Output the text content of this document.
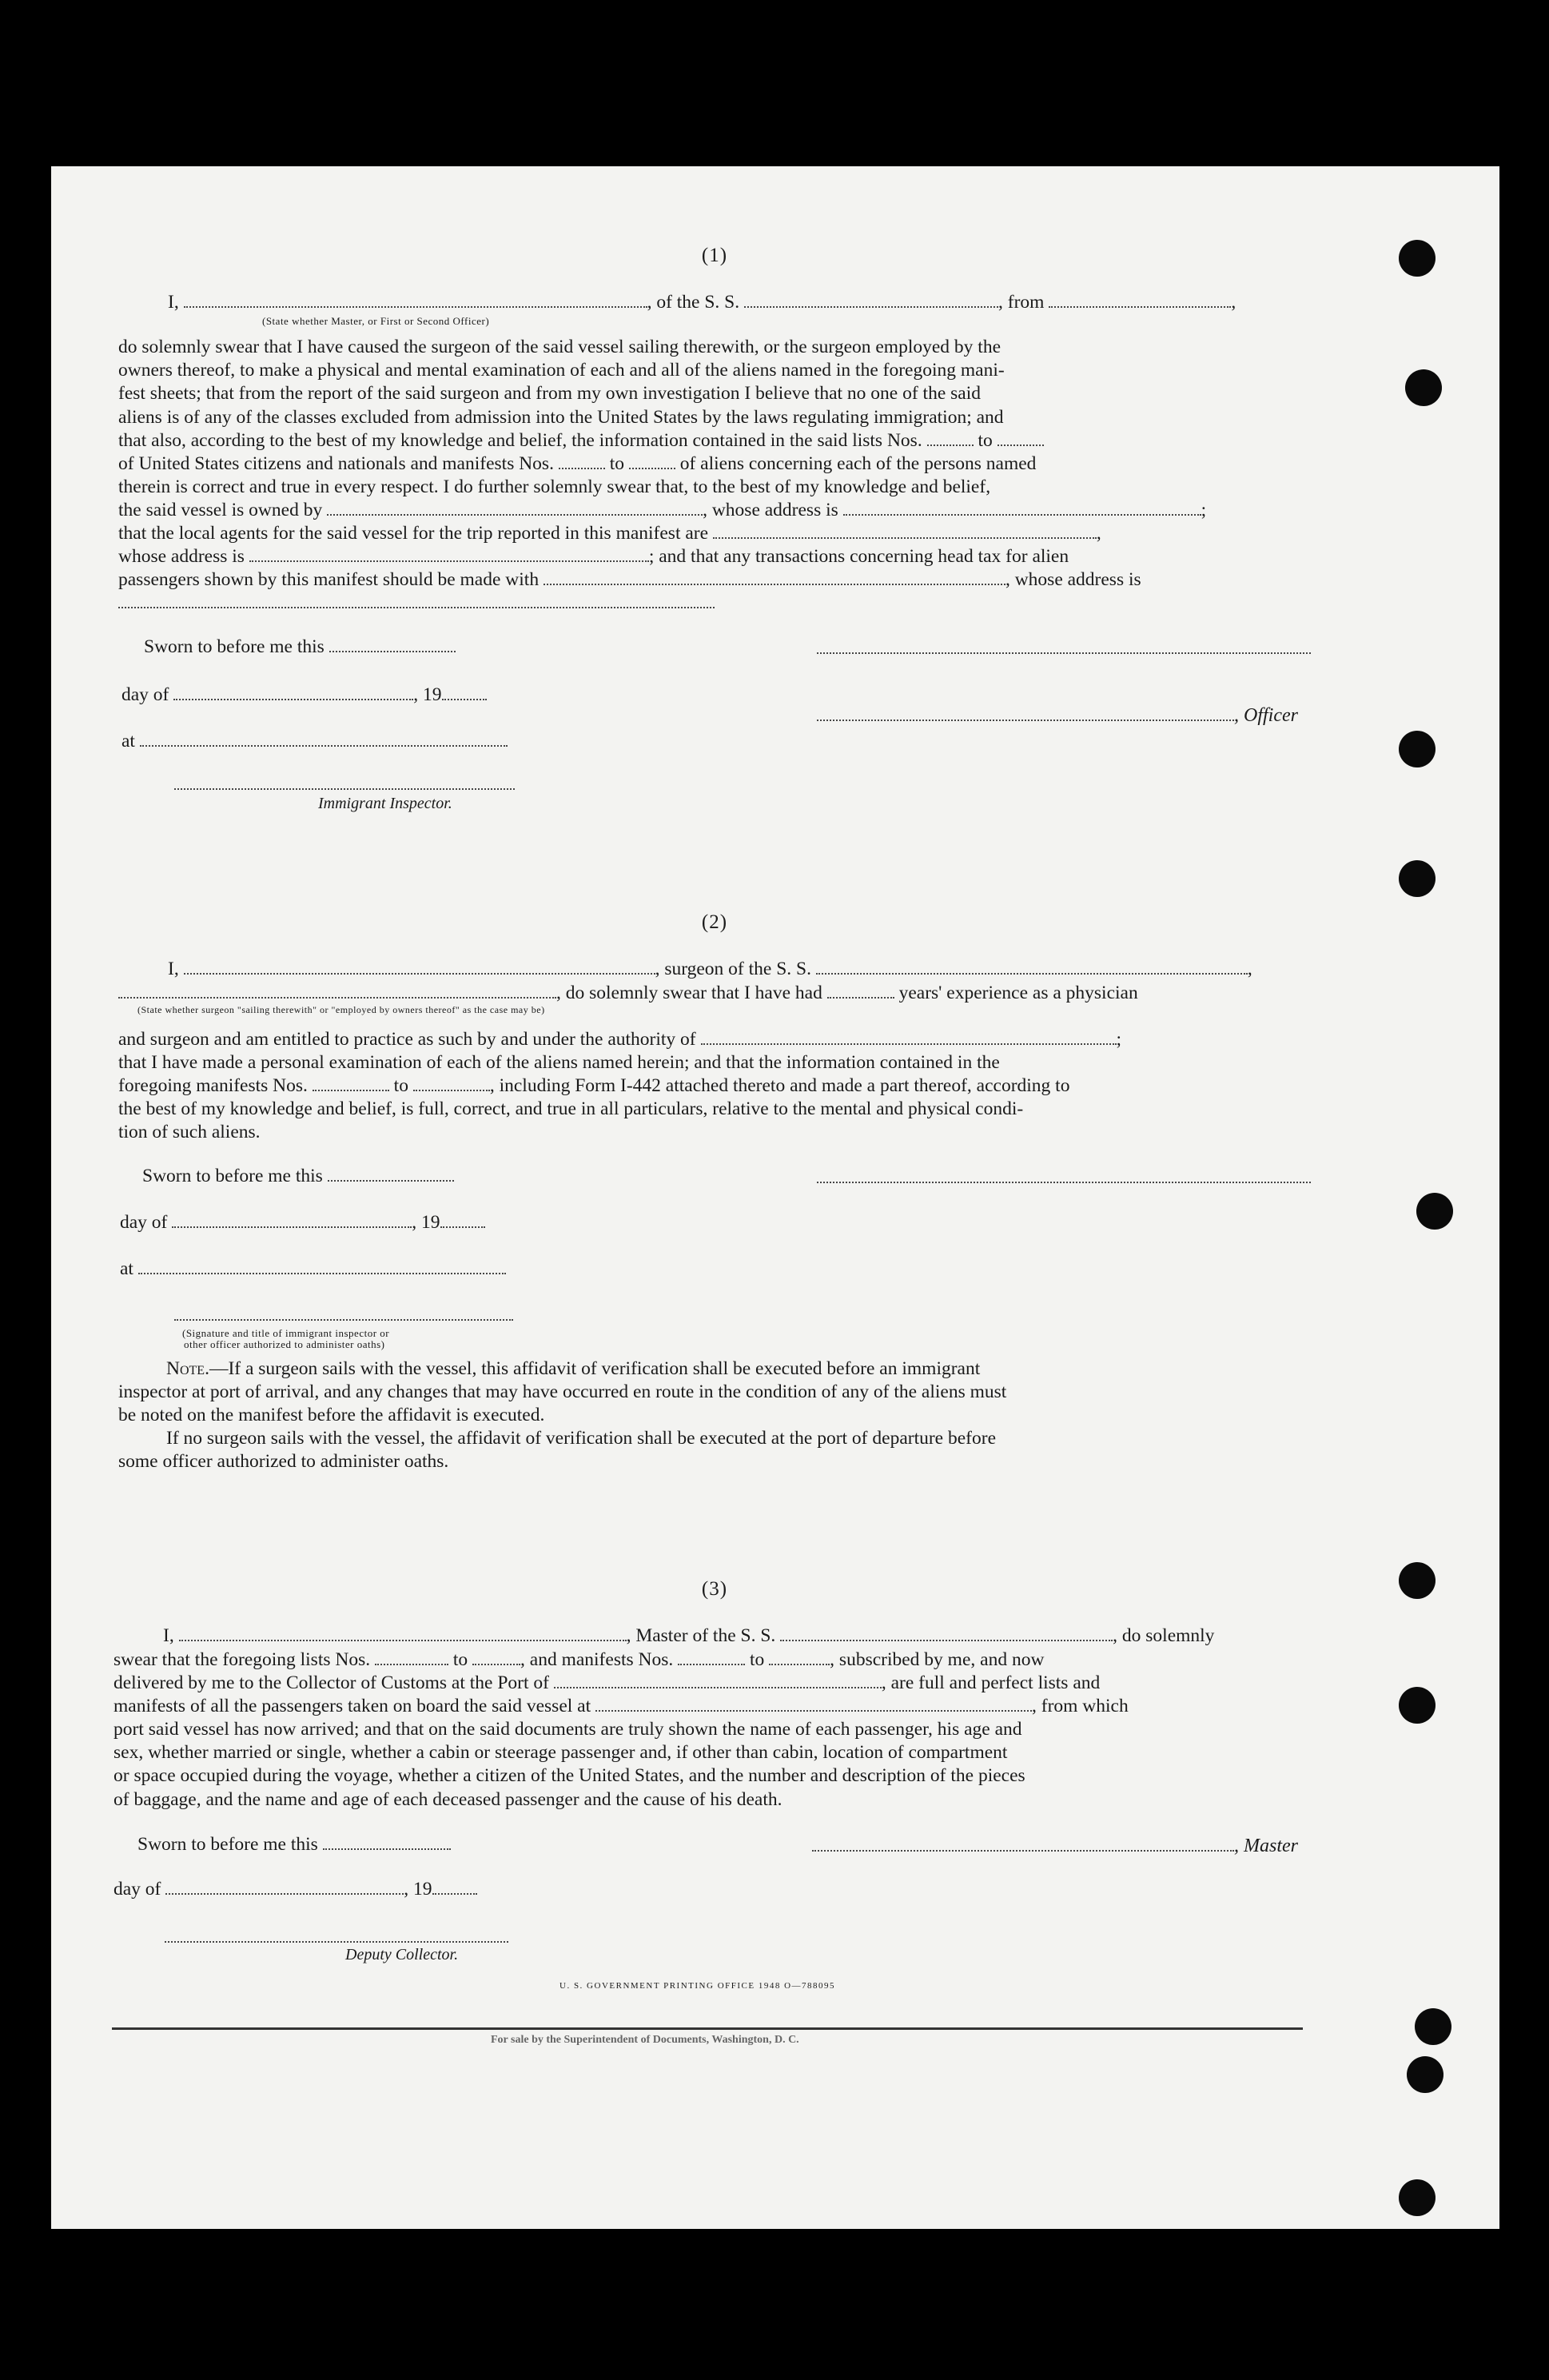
(1)
I,	, of the S. S.	, from	,
(State whether Master, or First or Second Officer)
do solemnly swear that I have caused the surgeon of the said vessel sailing therewith, or the surgeon employed by the
owners thereof, to make a physical and mental examination of each and all of the aliens named in the foregoing mani-
fest sheets; that from the report of the said surgeon and from my own investigation I believe that no one of the said
aliens is of any of the classes excluded from admission into the United States by the laws regulating immigration; and
that also, according to the best of my knowledge and belief, the information contained in the said lists Nos.	to
of United States citizens and nationals and manifests Nos.	to	of aliens concerning each of the persons named
therein is correct and true in every respect. I do further solemnly swear that, to the best of my knowledge and belief,
the said vessel is owned by	, whose address is	;
that the local agents for the said vessel for the trip reported in this manifest are	,
whose address is	; and that any transactions concerning head tax for alien
passengers shown by this manifest should be made with	, whose address is
Sworn to before me this
day of	, 19
, Officer
at
Immigrant Inspector.
(2)
I,	, surgeon of the S. S.	,
, do solemnly swear that I have had	years' experience as a physician
(State whether surgeon "sailing therewith" or "employed by owners thereof" as the case may be)
and surgeon and am entitled to practice as such by and under the authority of	;
that I have made a personal examination of each of the aliens named herein; and that the information contained in the
foregoing manifests Nos.	to	, including Form I-442 attached thereto and made a part thereof, according to
the best of my knowledge and belief, is full, correct, and true in all particulars, relative to the mental and physical condi-
tion of such aliens.
Sworn to before me this
day of	, 19
at
(Signature and title of immigrant inspector or
other officer authorized to administer oaths)
Note.—If a surgeon sails with the vessel, this affidavit of verification shall be executed before an immigrant
inspector at port of arrival, and any changes that may have occurred en route in the condition of any of the aliens must
be noted on the manifest before the affidavit is executed.
If no surgeon sails with the vessel, the affidavit of verification shall be executed at the port of departure before
some officer authorized to administer oaths.
(3)
I,	, Master of the S. S.	, do solemnly
swear that the foregoing lists Nos.	to	, and manifests Nos.	to	, subscribed by me, and now
delivered by me to the Collector of Customs at the Port of	, are full and perfect lists and
manifests of all the passengers taken on board the said vessel at	, from which
port said vessel has now arrived; and that on the said documents are truly shown the name of each passenger, his age and
sex, whether married or single, whether a cabin or steerage passenger and, if other than cabin, location of compartment
or space occupied during the voyage, whether a citizen of the United States, and the number and description of the pieces
of baggage, and the name and age of each deceased passenger and the cause of his death.
Sworn to before me this	, Master
day of	, 19
Deputy Collector.
U. S. GOVERNMENT PRINTING OFFICE 1948 O—788095
For sale by the Superintendent of Documents, Washington, D. C.
